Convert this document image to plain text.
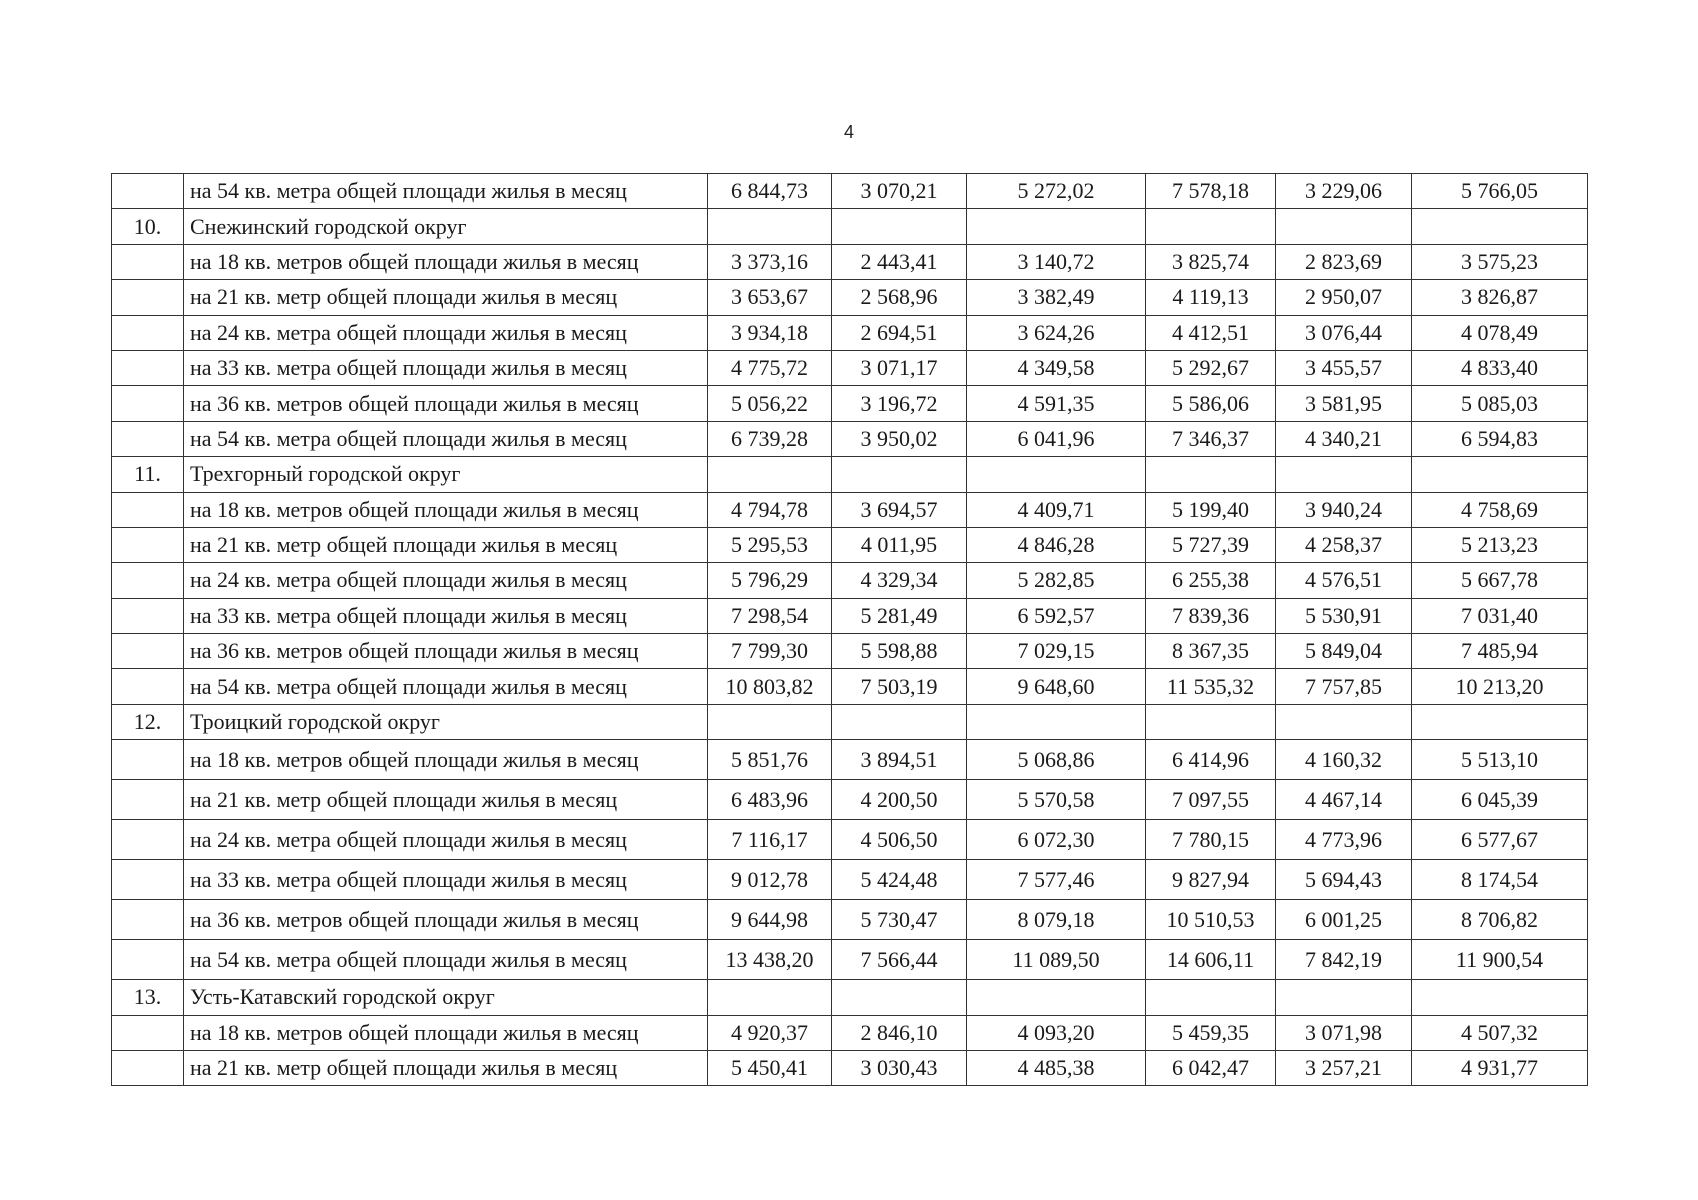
4
	на 54 кв. метра общей площади жилья в месяц	6 844,73	3 070,21	5 272,02	7 578,18	3 229,06	5 766,05
10.	Снежинский городской округ						
	на 18 кв. метров общей площади жилья в месяц	3 373,16	2 443,41	3 140,72	3 825,74	2 823,69	3 575,23
	на 21 кв. метр общей площади жилья в месяц	3 653,67	2 568,96	3 382,49	4 119,13	2 950,07	3 826,87
	на 24 кв. метра общей площади жилья в месяц	3 934,18	2 694,51	3 624,26	4 412,51	3 076,44	4 078,49
	на 33 кв. метра общей площади жилья в месяц	4 775,72	3 071,17	4 349,58	5 292,67	3 455,57	4 833,40
	на 36 кв. метров общей площади жилья в месяц	5 056,22	3 196,72	4 591,35	5 586,06	3 581,95	5 085,03
	на 54 кв. метра общей площади жилья в месяц	6 739,28	3 950,02	6 041,96	7 346,37	4 340,21	6 594,83
11.	Трехгорный городской округ						
	на 18 кв. метров общей площади жилья в месяц	4 794,78	3 694,57	4 409,71	5 199,40	3 940,24	4 758,69
	на 21 кв. метр общей площади жилья в месяц	5 295,53	4 011,95	4 846,28	5 727,39	4 258,37	5 213,23
	на 24 кв. метра общей площади жилья в месяц	5 796,29	4 329,34	5 282,85	6 255,38	4 576,51	5 667,78
	на 33 кв. метра общей площади жилья в месяц	7 298,54	5 281,49	6 592,57	7 839,36	5 530,91	7 031,40
	на 36 кв. метров общей площади жилья в месяц	7 799,30	5 598,88	7 029,15	8 367,35	5 849,04	7 485,94
	на 54 кв. метра общей площади жилья в месяц	10 803,82	7 503,19	9 648,60	11 535,32	7 757,85	10 213,20
12.	Троицкий городской округ						
	на 18 кв. метров общей площади жилья в месяц	5 851,76	3 894,51	5 068,86	6 414,96	4 160,32	5 513,10
	на 21 кв. метр общей площади жилья в месяц	6 483,96	4 200,50	5 570,58	7 097,55	4 467,14	6 045,39
	на 24 кв. метра общей площади жилья в месяц	7 116,17	4 506,50	6 072,30	7 780,15	4 773,96	6 577,67
	на 33 кв. метра общей площади жилья в месяц	9 012,78	5 424,48	7 577,46	9 827,94	5 694,43	8 174,54
	на 36 кв. метров общей площади жилья в месяц	9 644,98	5 730,47	8 079,18	10 510,53	6 001,25	8 706,82
	на 54 кв. метра общей площади жилья в месяц	13 438,20	7 566,44	11 089,50	14 606,11	7 842,19	11 900,54
13.	Усть-Катавский городской округ						
	на 18 кв. метров общей площади жилья в месяц	4 920,37	2 846,10	4 093,20	5 459,35	3 071,98	4 507,32
	на 21 кв. метр общей площади жилья в месяц	5 450,41	3 030,43	4 485,38	6 042,47	3 257,21	4 931,77
